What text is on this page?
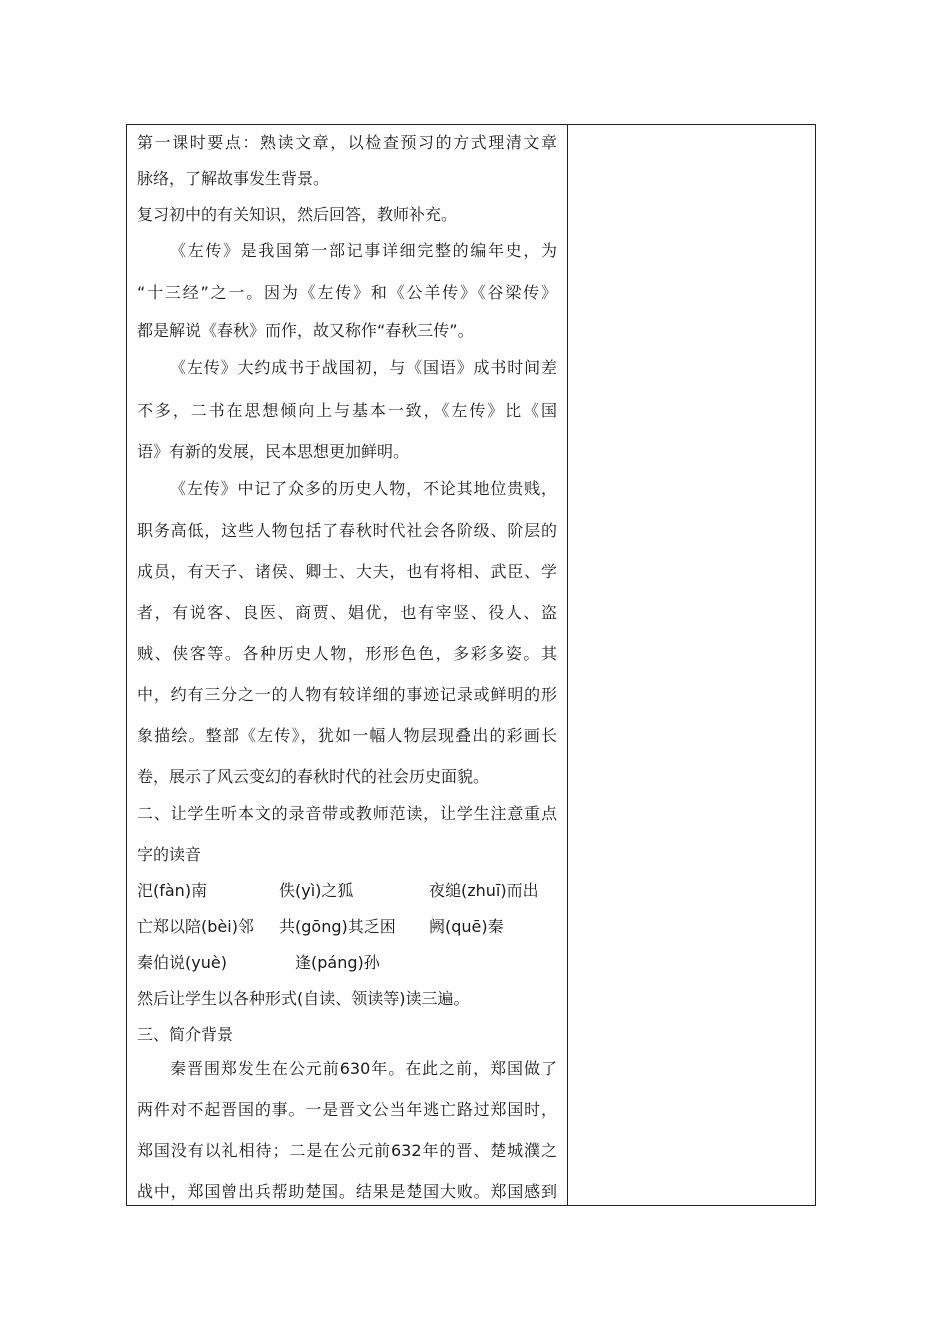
第一课时要点：熟读文章，以检查预习的方式理清文章
脉络，了解故事发生背景。
复习初中的有关知识，然后回答，教师补充。
《左传》是我国第一部记事详细完整的编年史，为
“十三经”之一。因为《左传》和《公羊传》《谷梁传》
都是解说《春秋》而作，故又称作“春秋三传”。
《左传》大约成书于战国初，与《国语》成书时间差
不多，二书在思想倾向上与基本一致，《左传》比《国
语》有新的发展，民本思想更加鲜明。
《左传》中记了众多的历史人物，不论其地位贵贱，
职务高低，这些人物包括了春秋时代社会各阶级、阶层的
成员，有天子、诸侯、卿士、大夫，也有将相、武臣、学
者，有说客、良医、商贾、娼优，也有宰竖、役人、盗
贼、侠客等。各种历史人物，形形色色，多彩多姿。其
中，约有三分之一的人物有较详细的事迹记录或鲜明的形
象描绘。整部《左传》，犹如一幅人物层现叠出的彩画长
卷，展示了风云变幻的春秋时代的社会历史面貌。
二、让学生听本文的录音带或教师范读，让学生注意重点
字的读音
汜(fàn)南	佚(yì)之狐	夜缒(zhuī)而出
亡郑以陪(bèi)邻 共(gōng)其乏困 阙(quē)秦
秦伯说(yuè)	逢(páng)孙
然后让学生以各种形式(自读、领读等)读三遍。
三、简介背景
秦晋围郑发生在公元前630年。在此之前，郑国做了
两件对不起晋国的事。一是晋文公当年逃亡路过郑国时，
郑国没有以礼相待；二是在公元前632年的晋、楚城濮之
战中，郑国曾出兵帮助楚国。结果是楚国大败。郑国感到
